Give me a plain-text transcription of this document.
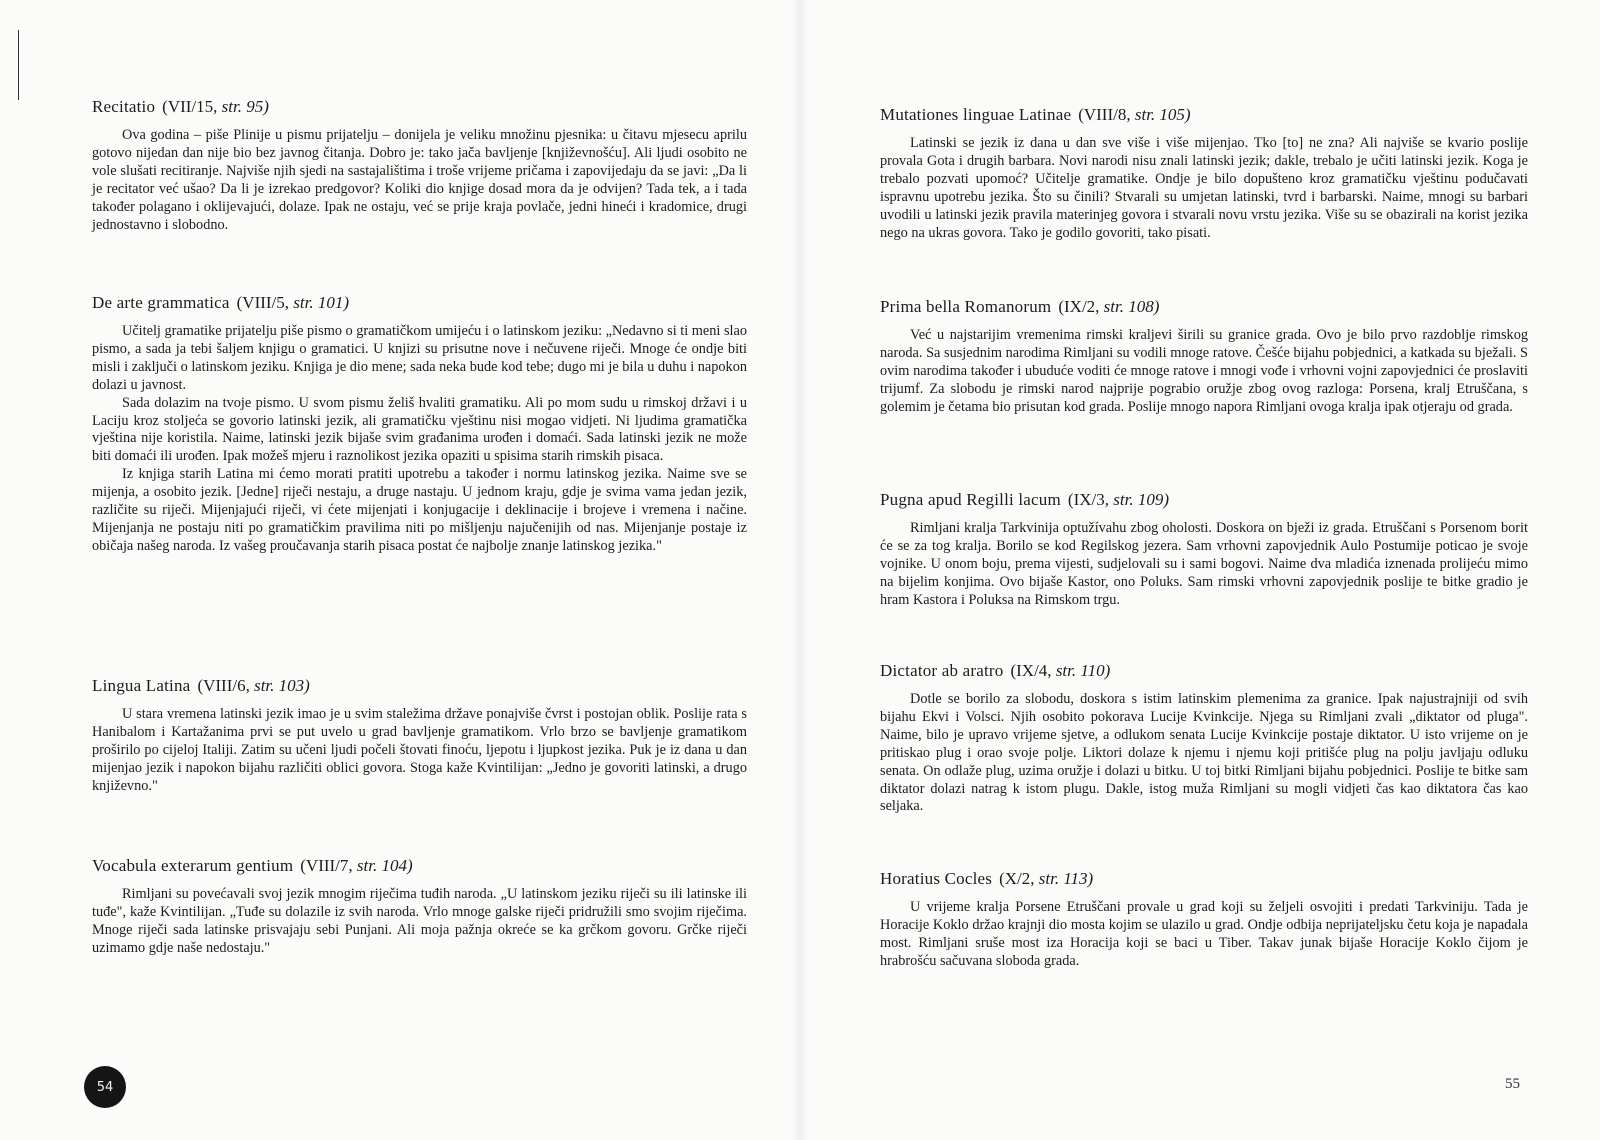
Recitatio (VII/15, str. 95)

Ova godina – piše Plinije u pismu prijatelju – donijela je veliku množinu pjesnika: u čitavu mjesecu aprilu gotovo nijedan dan nije bio bez javnog čitanja. Dobro je: tako jača bavljenje [književnošću]. Ali ljudi osobito ne vole slušati recitiranje. Najviše njih sjedi na sastajalištima i troše vrijeme pričama i zapovijedaju da se javi: „Da li je recitator već ušao? Da li je izrekao predgovor? Koliki dio knjige dosad mora da je odvijen? Tada tek, a i tada također polagano i oklijevajući, dolaze. Ipak ne ostaju, već se prije kraja povlače, jedni hineći i kradomice, drugi jednostavno i slobodno.

De arte grammatica (VIII/5, str. 101)

Učitelj gramatike prijatelju piše pismo o gramatičkom umijeću i o latinskom jeziku: „Nedavno si ti meni slao pismo, a sada ja tebi šaljem knjigu o gramatici. U knjizi su prisutne nove i nečuvene riječi. Mnoge će ondje biti misli i zaključi o latinskom jeziku. Knjiga je dio mene; sada neka bude kod tebe; dugo mi je bila u duhu i napokon dolazi u javnost.

Sada dolazim na tvoje pismo. U svom pismu želiš hvaliti gramatiku. Ali po mom sudu u rimskoj državi i u Laciju kroz stoljeća se govorio latinski jezik, ali gramatičku vještinu nisi mogao vidjeti. Ni ljudima gramatička vještina nije koristila. Naime, latinski jezik bijaše svim građanima urođen i domaći. Sada latinski jezik ne može biti domaći ili urođen. Ipak možeš mjeru i raznolikost jezika opaziti u spisima starih rimskih pisaca.

Iz knjiga starih Latina mi ćemo morati pratiti upotrebu a također i normu latinskog jezika. Naime sve se mijenja, a osobito jezik. [Jedne] riječi nestaju, a druge nastaju. U jednom kraju, gdje je svima vama jedan jezik, različite su riječi. Mijenjajući riječi, vi ćete mijenjati i konjugacije i deklinacije i brojeve i vremena i načine. Mijenjanja ne postaju niti po gramatičkim pravilima niti po mišljenju najučenijih od nas. Mijenjanje postaje iz običaja našeg naroda. Iz vašeg proučavanja starih pisaca postat će najbolje znanje latinskog jezika."

Lingua Latina (VIII/6, str. 103)

U stara vremena latinski jezik imao je u svim staležima države ponajviše čvrst i postojan oblik. Poslije rata s Hanibalom i Kartažanima prvi se put uvelo u grad bavljenje gramatikom. Vrlo brzo se bavljenje gramatikom proširilo po cijeloj Italiji. Zatim su učeni ljudi počeli štovati finoću, ljepotu i ljupkost jezika. Puk je iz dana u dan mijenjao jezik i napokon bijahu različiti oblici govora. Stoga kaže Kvintilijan: „Jedno je govoriti latinski, a drugo književno."

Vocabula exterarum gentium (VIII/7, str. 104)

Rimljani su povećavali svoj jezik mnogim riječima tuđih naroda. „U latinskom jeziku riječi su ili latinske ili tuđe", kaže Kvintilijan. „Tuđe su dolazile iz svih naroda. Vrlo mnoge galske riječi pridružili smo svojim riječima. Mnoge riječi sada latinske prisvajaju sebi Punjani. Ali moja pažnja okreće se ka grčkom govoru. Grčke riječi uzimamo gdje naše nedostaju."

54
Mutationes linguae Latinae (VIII/8, str. 105)

Latinski se jezik iz dana u dan sve više i više mijenjao. Tko [to] ne zna? Ali najviše se kvario poslije provala Gota i drugih barbara. Novi narodi nisu znali latinski jezik; dakle, trebalo je učiti latinski jezik. Koga je trebalo pozvati upomoć? Učitelje gramatike. Ondje je bilo dopušteno kroz gramatičku vještinu podučavati ispravnu upotrebu jezika. Što su činili? Stvarali su umjetan latinski, tvrd i barbarski. Naime, mnogi su barbari uvodili u latinski jezik pravila materinjeg govora i stvarali novu vrstu jezika. Više su se obazirali na korist jezika nego na ukras govora. Tako je godilo govoriti, tako pisati.

Prima bella Romanorum (IX/2, str. 108)

Već u najstarijim vremenima rimski kraljevi širili su granice grada. Ovo je bilo prvo razdoblje rimskog naroda. Sa susjednim narodima Rimljani su vodili mnoge ratove. Češće bijahu pobjednici, a katkada su bježali. S ovim narodima također i ubuduće voditi će mnoge ratove i mnogi vođe i vrhovni vojni zapovjednici će proslaviti trijumf. Za slobodu je rimski narod najprije pograbio oružje zbog ovog razloga: Porsena, kralj Etruščana, s golemim je četama bio prisutan kod grada. Poslije mnogo napora Rimljani ovoga kralja ipak otjeraju od grada.

Pugna apud Regilli lacum (IX/3, str. 109)

Rimljani kralja Tarkvinija optužívahu zbog oholosti. Doskora on bježi iz grada. Etruščani s Porsenom borit će se za tog kralja. Borilo se kod Regilskog jezera. Sam vrhovni zapovjednik Aulo Postumije poticao je svoje vojnike. U onom boju, prema vijesti, sudjelovali su i sami bogovi. Naime dva mladića iznenada prolijeću mimo na bijelim konjima. Ovo bijaše Kastor, ono Poluks. Sam rimski vrhovni zapovjednik poslije te bitke gradio je hram Kastora i Poluksa na Rimskom trgu.

Dictator ab aratro (IX/4, str. 110)

Dotle se borilo za slobodu, doskora s istim latinskim plemenima za granice. Ipak najustrajniji od svih bijahu Ekvi i Volsci. Njih osobito pokorava Lucije Kvinkcije. Njega su Rimljani zvali „diktator od pluga". Naime, bilo je upravo vrijeme sjetve, a odlukom senata Lucije Kvinkcije postaje diktator. U isto vrijeme on je pritiskao plug i orao svoje polje. Liktori dolaze k njemu i njemu koji pritišće plug na polju javljaju odluku senata. On odlaže plug, uzima oružje i dolazi u bitku. U toj bitki Rimljani bijahu pobjednici. Poslije te bitke sam diktator dolazi natrag k istom plugu. Dakle, istog muža Rimljani su mogli vidjeti čas kao diktatora čas kao seljaka.

Horatius Cocles (X/2, str. 113)

U vrijeme kralja Porsene Etruščani provale u grad koji su željeli osvojiti i predati Tarkviniju. Tada je Horacije Koklo držao krajnji dio mosta kojim se ulazilo u grad. Ondje odbija neprijateljsku četu koja je napadala most. Rimljani sruše most iza Horacija koji se baci u Tiber. Takav junak bijaše Horacije Koklo čijom je hrabrošću sačuvana sloboda grada.

55
